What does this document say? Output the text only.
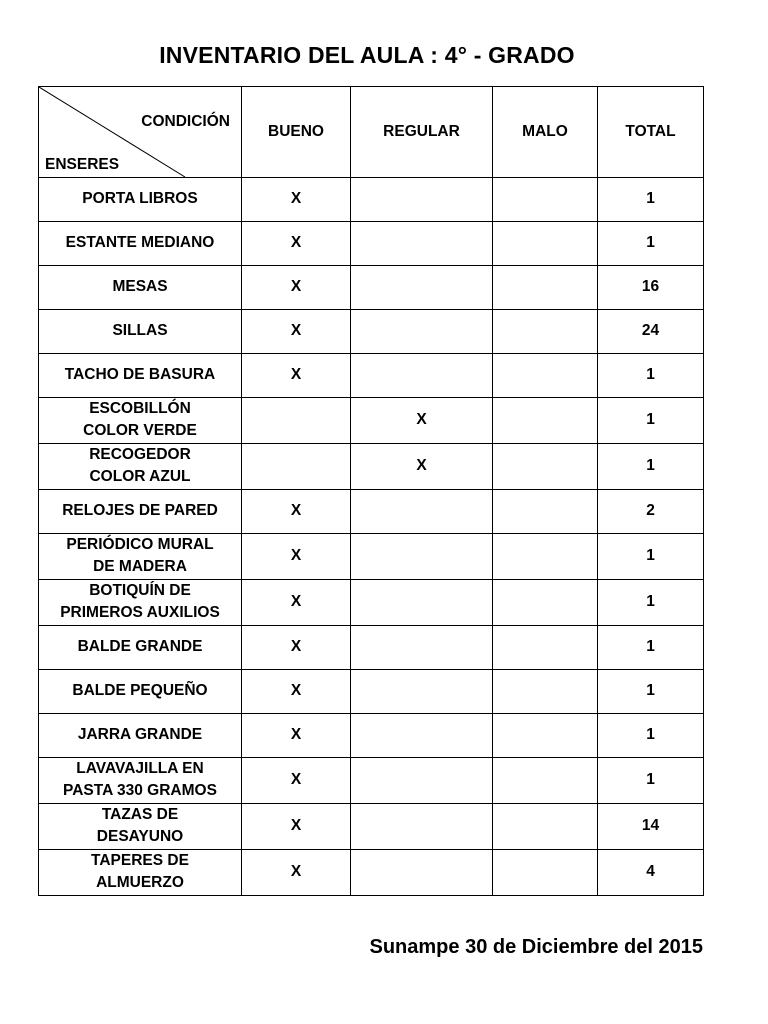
INVENTARIO DEL AULA : 4° - GRADO
CONDICIÓN
ENSERES	BUENO	REGULAR	MALO	TOTAL
PORTA LIBROS	X			1
ESTANTE MEDIANO	X			1
MESAS	X			16
SILLAS	X			24
TACHO DE BASURA	X			1
ESCOBILLÓN
COLOR VERDE		X		1
RECOGEDOR
COLOR AZUL		X		1
RELOJES DE PARED	X			2
PERIÓDICO MURAL
DE MADERA	X			1
BOTIQUÍN DE
PRIMEROS AUXILIOS	X			1
BALDE GRANDE	X			1
BALDE PEQUEÑO	X			1
JARRA GRANDE	X			1
LAVAVAJILLA EN
PASTA 330 GRAMOS	X			1
TAZAS DE
DESAYUNO	X			14
TAPERES DE
ALMUERZO	X			4
Sunampe 30 de Diciembre del 2015
